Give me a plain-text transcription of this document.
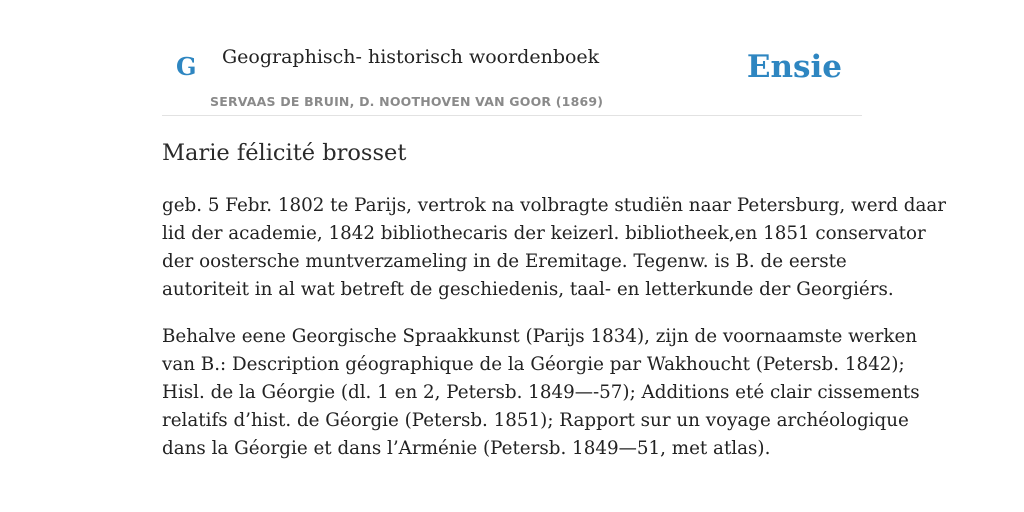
G Geographisch- historisch woordenboek
SERVAAS DE BRUIN, D. NOOTHOVEN VAN GOOR (1869)
Ensie
Marie félicité brosset

geb. 5 Febr. 1802 te Parijs, vertrok na volbragte studiën naar Petersburg, werd daar
lid der academie, 1842 bibliothecaris der keizerl. bibliotheek,en 1851 conservator
der oostersche muntverzameling in de Eremitage. Tegenw. is B. de eerste
autoriteit in al wat betreft de geschiedenis, taal- en letterkunde der Georgiérs.

Behalve eene Georgische Spraakkunst (Parijs 1834), zijn de voornaamste werken
van B.: Description géographique de la Géorgie par Wakhoucht (Petersb. 1842);
Hisl. de la Géorgie (dl. 1 en 2, Petersb. 1849—-57); Additions eté clair cissements
relatifs d’hist. de Géorgie (Petersb. 1851); Rapport sur un voyage archéologique
dans la Géorgie et dans l’Arménie (Petersb. 1849—51, met atlas).
